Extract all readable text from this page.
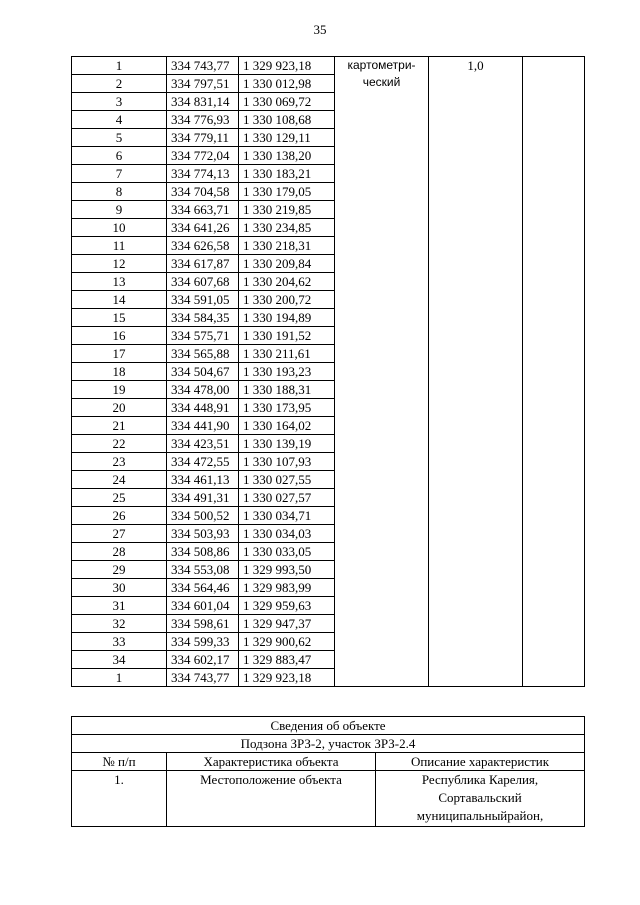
35
1	334 743,77	1 329 923,18	картометри-
ческий	1,0	
2	334 797,51	1 330 012,98			
3	334 831,14	1 330 069,72			
4	334 776,93	1 330 108,68			
5	334 779,11	1 330 129,11			
6	334 772,04	1 330 138,20			
7	334 774,13	1 330 183,21			
8	334 704,58	1 330 179,05			
9	334 663,71	1 330 219,85			
10	334 641,26	1 330 234,85			
11	334 626,58	1 330 218,31			
12	334 617,87	1 330 209,84			
13	334 607,68	1 330 204,62			
14	334 591,05	1 330 200,72			
15	334 584,35	1 330 194,89			
16	334 575,71	1 330 191,52			
17	334 565,88	1 330 211,61			
18	334 504,67	1 330 193,23			
19	334 478,00	1 330 188,31			
20	334 448,91	1 330 173,95			
21	334 441,90	1 330 164,02			
22	334 423,51	1 330 139,19			
23	334 472,55	1 330 107,93			
24	334 461,13	1 330 027,55			
25	334 491,31	1 330 027,57			
26	334 500,52	1 330 034,71			
27	334 503,93	1 330 034,03			
28	334 508,86	1 330 033,05			
29	334 553,08	1 329 993,50			
30	334 564,46	1 329 983,99			
31	334 601,04	1 329 959,63			
32	334 598,61	1 329 947,37			
33	334 599,33	1 329 900,62			
34	334 602,17	1 329 883,47			
1	334 743,77	1 329 923,18			
Сведения об объекте		
Подзона ЗРЗ-2, участок ЗРЗ-2.4		
№ п/п	Характеристика объекта	Описание характеристик
1.	Местоположение объекта	Республика Карелия,
Сортавальский
муниципальныйрайон,
